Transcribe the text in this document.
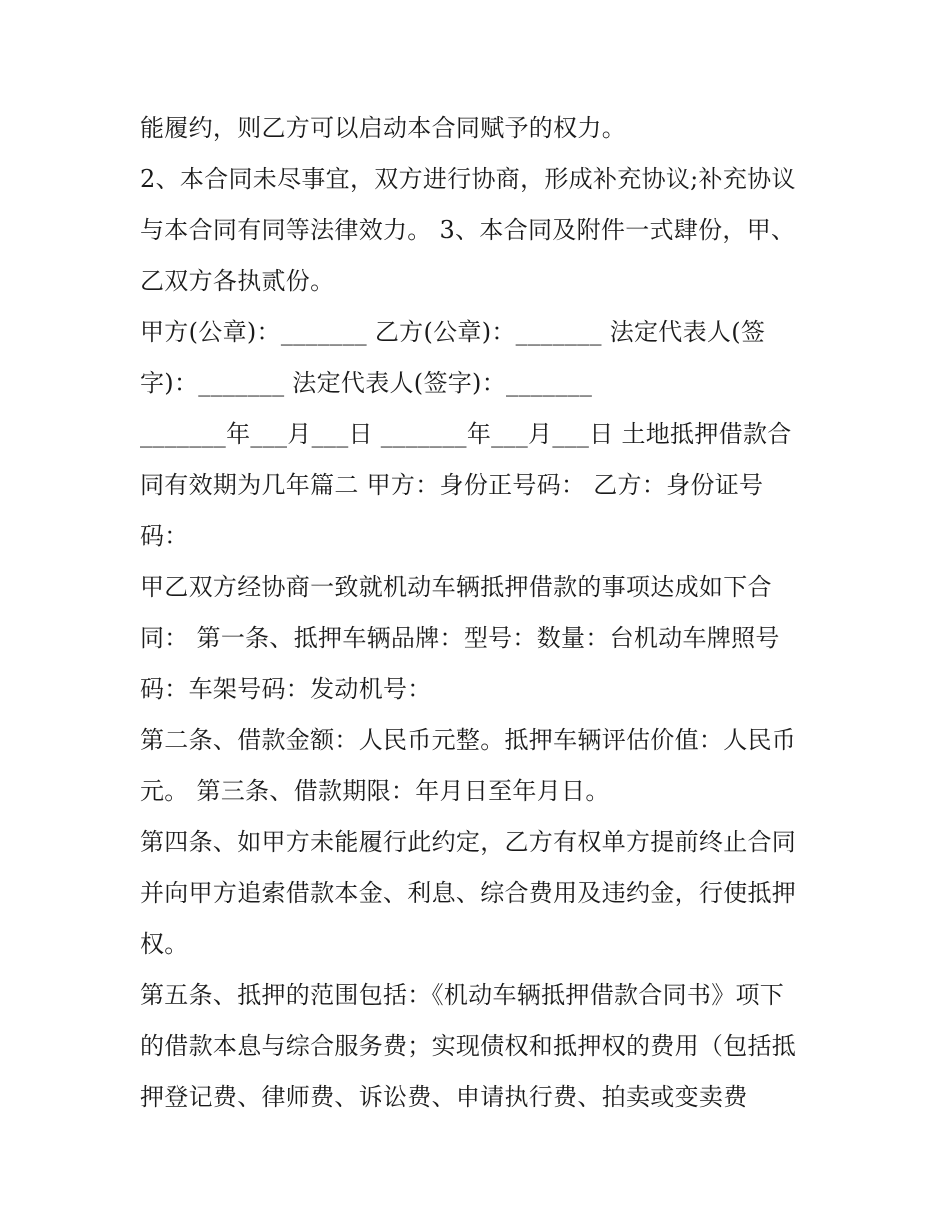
能履约，则乙方可以启动本合同赋予的权力。
2、本合同未尽事宜，双方进行协商，形成补充协议;补充协议
与本合同有同等法律效力。 3、本合同及附件一式肆份，甲、
乙双方各执贰份。
甲方(公章)：_______ 乙方(公章)：_______ 法定代表人(签
字)：_______ 法定代表人(签字)：_______
_______年___月___日 _______年___月___日 土地抵押借款合
同有效期为几年篇二 甲方：身份正号码： 乙方：身份证号
码：
甲乙双方经协商一致就机动车辆抵押借款的事项达成如下合
同： 第一条、抵押车辆品牌：型号：数量：台机动车牌照号
码：车架号码：发动机号：
第二条、借款金额：人民币元整。抵押车辆评估价值：人民币
元。 第三条、借款期限：年月日至年月日。
第四条、如甲方未能履行此约定，乙方有权单方提前终止合同
并向甲方追索借款本金、利息、综合费用及违约金，行使抵押
权。
第五条、抵押的范围包括：《机动车辆抵押借款合同书》项下
的借款本息与综合服务费；实现债权和抵押权的费用（包括抵
押登记费、律师费、诉讼费、申请执行费、拍卖或变卖费
